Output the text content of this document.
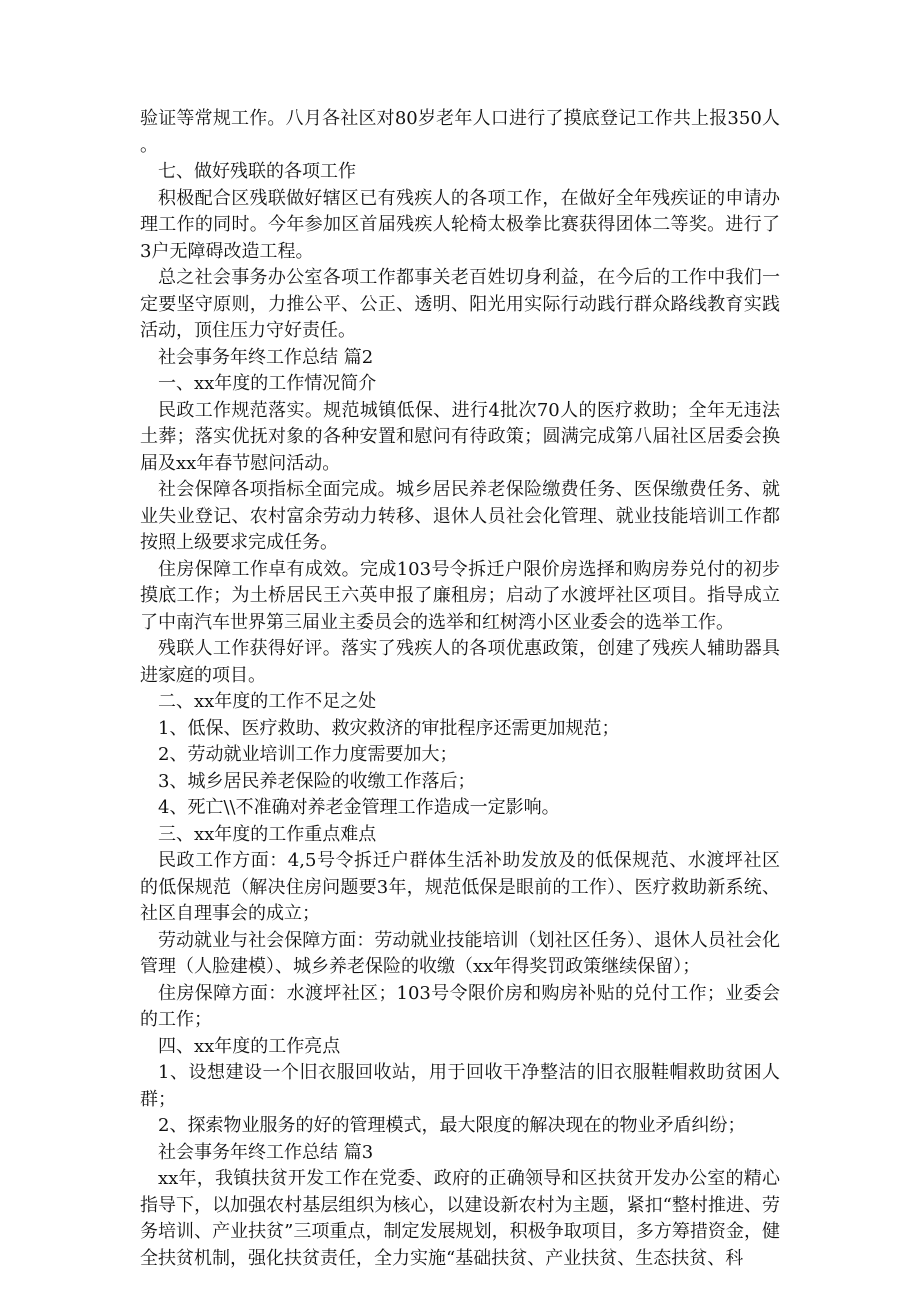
验证等常规工作。八月各社区对80岁老年人口进行了摸底登记工作共上报350人。

七、做好残联的各项工作

积极配合区残联做好辖区已有残疾人的各项工作，在做好全年残疾证的申请办理工作的同时。今年参加区首届残疾人轮椅太极拳比赛获得团体二等奖。进行了3户无障碍改造工程。

总之社会事务办公室各项工作都事关老百姓切身利益，在今后的工作中我们一定要坚守原则，力推公平、公正、透明、阳光用实际行动践行群众路线教育实践活动，顶住压力守好责任。

社会事务年终工作总结 篇2

一、xx年度的工作情况简介

民政工作规范落实。规范城镇低保、进行4批次70人的医疗救助；全年无违法土葬；落实优抚对象的各种安置和慰问有待政策；圆满完成第八届社区居委会换届及xx年春节慰问活动。

社会保障各项指标全面完成。城乡居民养老保险缴费任务、医保缴费任务、就业失业登记、农村富余劳动力转移、退休人员社会化管理、就业技能培训工作都按照上级要求完成任务。

住房保障工作卓有成效。完成103号令拆迁户限价房选择和购房券兑付的初步摸底工作；为土桥居民王六英申报了廉租房；启动了水渡坪社区项目。指导成立了中南汽车世界第三届业主委员会的选举和红树湾小区业委会的选举工作。

残联人工作获得好评。落实了残疾人的各项优惠政策，创建了残疾人辅助器具进家庭的项目。

二、xx年度的工作不足之处

1、低保、医疗救助、救灾救济的审批程序还需更加规范；

2、劳动就业培训工作力度需要加大；

3、城乡居民养老保险的收缴工作落后；

4、死亡\\不准确对养老金管理工作造成一定影响。

三、xx年度的工作重点难点

民政工作方面：4,5号令拆迁户群体生活补助发放及的低保规范、水渡坪社区的低保规范（解决住房问题要3年，规范低保是眼前的工作）、医疗救助新系统、社区自理事会的成立；

劳动就业与社会保障方面：劳动就业技能培训（划社区任务）、退休人员社会化管理（人脸建模）、城乡养老保险的收缴（xx年得奖罚政策继续保留）；

住房保障方面：水渡坪社区；103号令限价房和购房补贴的兑付工作；业委会的工作；

四、xx年度的工作亮点

1、设想建设一个旧衣服回收站，用于回收干净整洁的旧衣服鞋帽救助贫困人群；

2、探索物业服务的好的管理模式，最大限度的解决现在的物业矛盾纠纷；

社会事务年终工作总结 篇3

xx年，我镇扶贫开发工作在党委、政府的正确领导和区扶贫开发办公室的精心指导下，以加强农村基层组织为核心，以建设新农村为主题，紧扣“整村推进、劳务培训、产业扶贫”三项重点，制定发展规划，积极争取项目，多方筹措资金，健全扶贫机制，强化扶贫责任，全力实施“基础扶贫、产业扶贫、生态扶贫、科
